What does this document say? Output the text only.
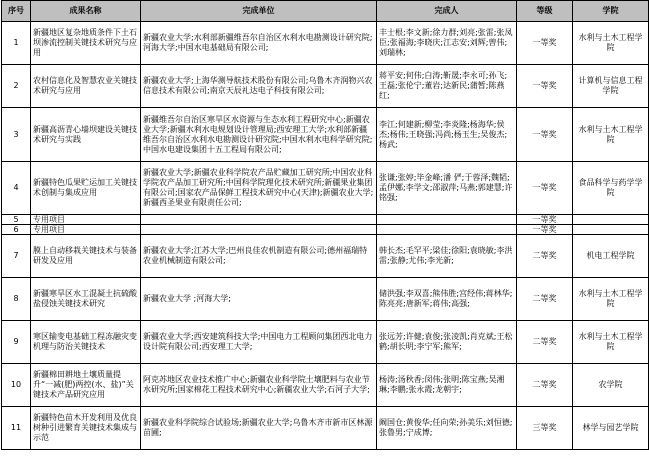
序号	成果名称	完成单位	完成人	等级	学院
1	新疆地区复杂地质条件下土石坝渗流控制关键技术研究与应用	新疆农业大学;水利部新疆维吾尔自治区水利水电勘测设计研究院;河海大学;中国水电基础局有限公司;	丰士根;李文新;徐力群;刘亮;张雷;张凤臣;张福海;李晓庆;江志安;刘辉;曾伟;刘瑞林;	一等奖	水利与土木工程学院
2	农村信息化及智慧农业关键技术研究与应用	新疆农业大学;上海华测导航技术股份有限公司;乌鲁木齐润物兴农信息技术有限公司;南京天辰礼达电子科技有限公司;	蒋平安;何伟;白涛;靳晟;李永可;孙飞;王磊;张伦宁;董岩;达新民;蒲暂;陈燕红;	一等奖	计算机与信息工程学院
3	新疆高沥青心墙坝建设关键技术研究与实践	新疆维吾尔自治区寒旱区水资源与生态水利工程研究中心;新疆农业大学;新疆水利水电规划设计管理局;西安理工大学;水利部新疆维吾尔自治区水利水电勘测设计研究院;中国水利水电科学研究院;中国水电建设集团十五工程局有限公司;	李江;何建新;柳莹;李炎隆;杨海华;侯杰;杨伟;王晓强;冯尚;杨玉生;吴俊杰;杨武;	一等奖	水利与土木工程学院
4	新疆特色瓜果贮运加工关键技术创制与集成应用	新疆农业大学;新疆农业科学院农产品贮藏加工研究所;中国农业科学院农产品加工研究所;中国科学院理化技术研究所;新疆果业集团有限公司;国家农产品保鲜工程技术研究中心(天津);新疆农业大学;新疆西圣果业有限责任公司;	张谦;张婷;毕金峰;潘 俨;于蓉泽;魏韬;孟伊娜;李学文;邵淑萍;马燕;郭建慧;许铭强;	一等奖	食品科学与药学学院
5	专用项目			一等奖	
6	专用项目			一等奖	
7	膜上自动移栽关键技术与装备研发及应用	新疆农业大学;江苏大学;巴州良佳农机制造有限公司;德州福瑞特农业机械制造有限公司;	韩长杰;毛罕平;梁佳;徐阳;袁晓敏;李洪雷;张静;尤伟;李光新;	二等奖	机电工程学院
8	新疆寒旱区水工混凝土抗硫酸盐侵蚀关键技术研究	新疆农业大学 ;河海大学;	储洪强;李双喜;熊伟胜;宫经伟;蒋林华;陈亮亮;唐新军;蒋伟;高强;	二等奖	水利与土木工程学院
9	寒区输变电基础工程冻融灾变机理与防治关键技术	新疆农业大学;西安建筑科技大学;中国电力工程顾问集团西北电力设计院有限公司;西安理工大学;	张远芳;许健;袁俊;张凌凯;肖克斌;王松鹤;胡长明;李宁军;熊军;	二等奖	水利与土木工程学院
10	新疆棉田耕地土壤质量提升“一减(肥)两控(水、盐)”关键技术产品研究应用	阿克苏地区农业技术推广中心;新疆农业科学院土壤肥料与农业节水研究所;国家棉花工程技术研究中心;新疆农业大学;石河子大学;	杨涛;汤秋香;闵伟;张明;陈宝燕;吴湘琳;李鹏;张永霞;龙朝宇;	二等奖	农学院
11	新疆特色苗木开发利用及优良树种引进繁育关键技术集成与示范	新疆农业科学院综合试验场;新疆农业大学;乌鲁木齐市新市区林源苗圃;	阚国仓;黄俊华;任向荣;孙美乐;刘恒德;张鲁男;宁成博;	三等奖	林学与园艺学院
